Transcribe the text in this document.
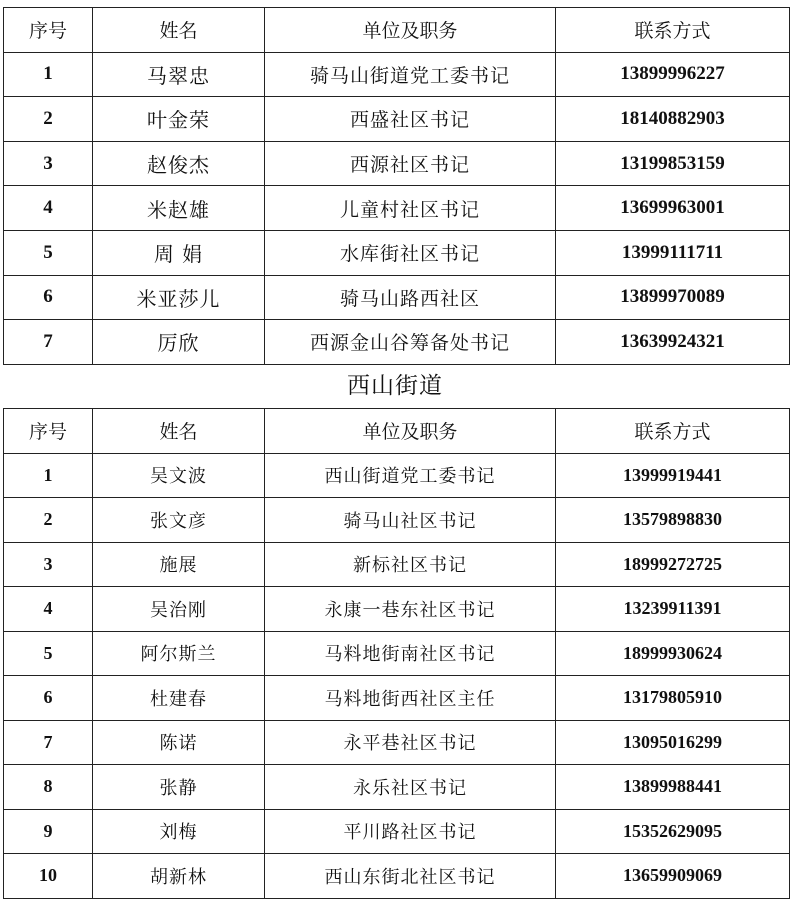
序号	姓名	单位及职务	联系方式
1	马翠忠	骑马山街道党工委书记	13899996227
2	叶金荣	西盛社区书记	18140882903
3	赵俊杰	西源社区书记	13199853159
4	米赵雄	儿童村社区书记	13699963001
5	周 娟	水库街社区书记	13999111711
6	米亚莎儿	骑马山路西社区	13899970089
7	厉欣	西源金山谷筹备处书记	13639924321
西山街道
序号	姓名	单位及职务	联系方式
1	吴文波	西山街道党工委书记	13999919441
2	张文彦	骑马山社区书记	13579898830
3	施展	新标社区书记	18999272725
4	吴治刚	永康一巷东社区书记	13239911391
5	阿尔斯兰	马料地街南社区书记	18999930624
6	杜建春	马料地街西社区主任	13179805910
7	陈诺	永平巷社区书记	13095016299
8	张静	永乐社区书记	13899988441
9	刘梅	平川路社区书记	15352629095
10	胡新林	西山东街北社区书记	13659909069
